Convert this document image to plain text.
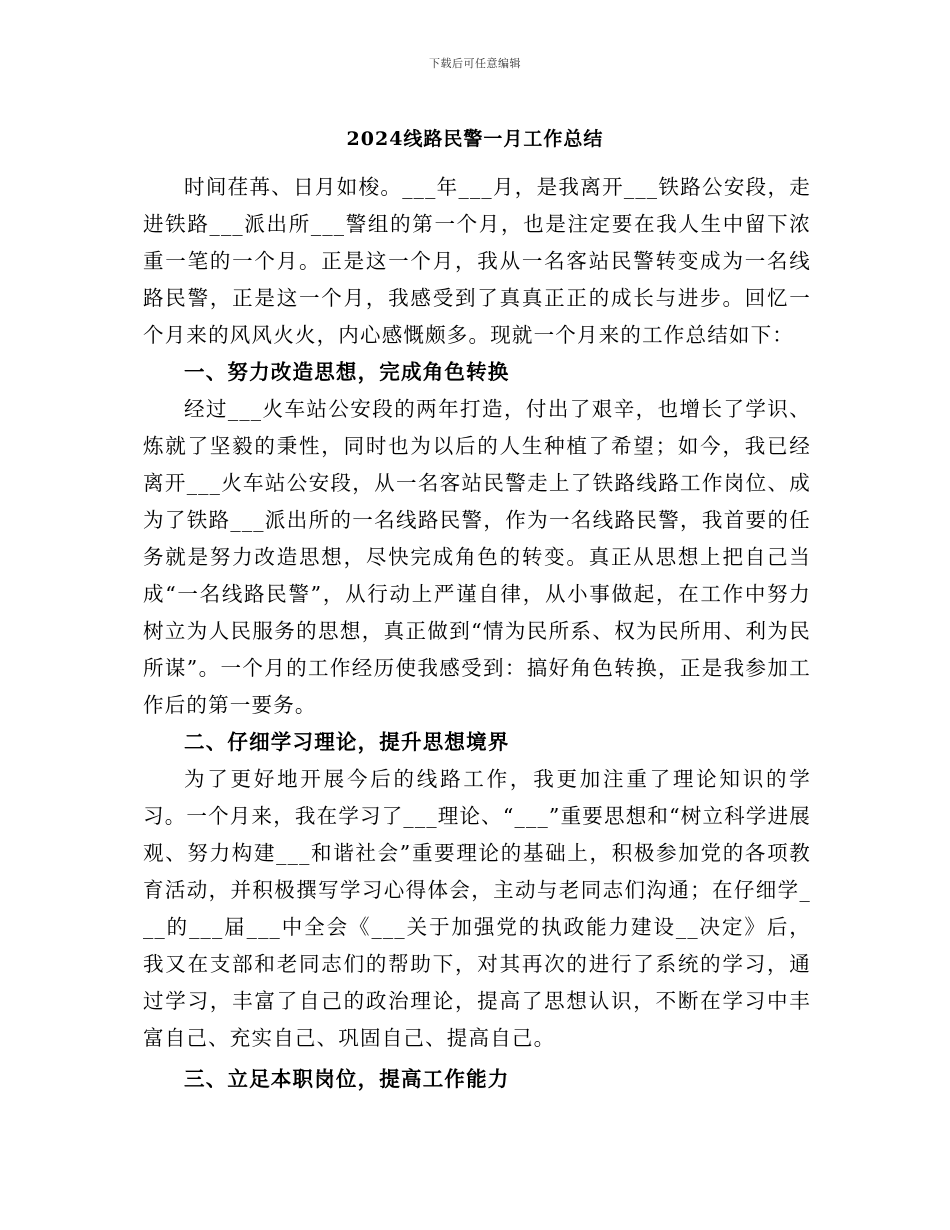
下载后可任意编辑
2024线路民警一月工作总结

时间荏苒、日月如梭。___年___月，是我离开___铁路公安段，走进铁路___派出所___警组的第一个月，也是注定要在我人生中留下浓重一笔的一个月。正是这一个月，我从一名客站民警转变成为一名线路民警，正是这一个月，我感受到了真真正正的成长与进步。回忆一个月来的风风火火，内心感慨颇多。现就一个月来的工作总结如下：

一、努力改造思想，完成角色转换

经过___火车站公安段的两年打造，付出了艰辛，也增长了学识、炼就了坚毅的秉性，同时也为以后的人生种植了希望；如今，我已经离开___火车站公安段，从一名客站民警走上了铁路线路工作岗位、成为了铁路___派出所的一名线路民警，作为一名线路民警，我首要的任务就是努力改造思想，尽快完成角色的转变。真正从思想上把自己当成“一名线路民警”，从行动上严谨自律，从小事做起，在工作中努力树立为人民服务的思想，真正做到“情为民所系、权为民所用、利为民所谋”。一个月的工作经历使我感受到：搞好角色转换，正是我参加工作后的第一要务。

二、仔细学习理论，提升思想境界

为了更好地开展今后的线路工作，我更加注重了理论知识的学习。一个月来，我在学习了___理论、“___”重要思想和“树立科学进展观、努力构建___和谐社会”重要理论的基础上，积极参加党的各项教育活动，并积极撰写学习心得体会，主动与老同志们沟通；在仔细学___的___届___中全会《___关于加强党的执政能力建设__决定》后，我又在支部和老同志们的帮助下，对其再次的进行了系统的学习，通过学习，丰富了自己的政治理论，提高了思想认识，不断在学习中丰富自己、充实自己、巩固自己、提高自己。

三、立足本职岗位，提高工作能力
